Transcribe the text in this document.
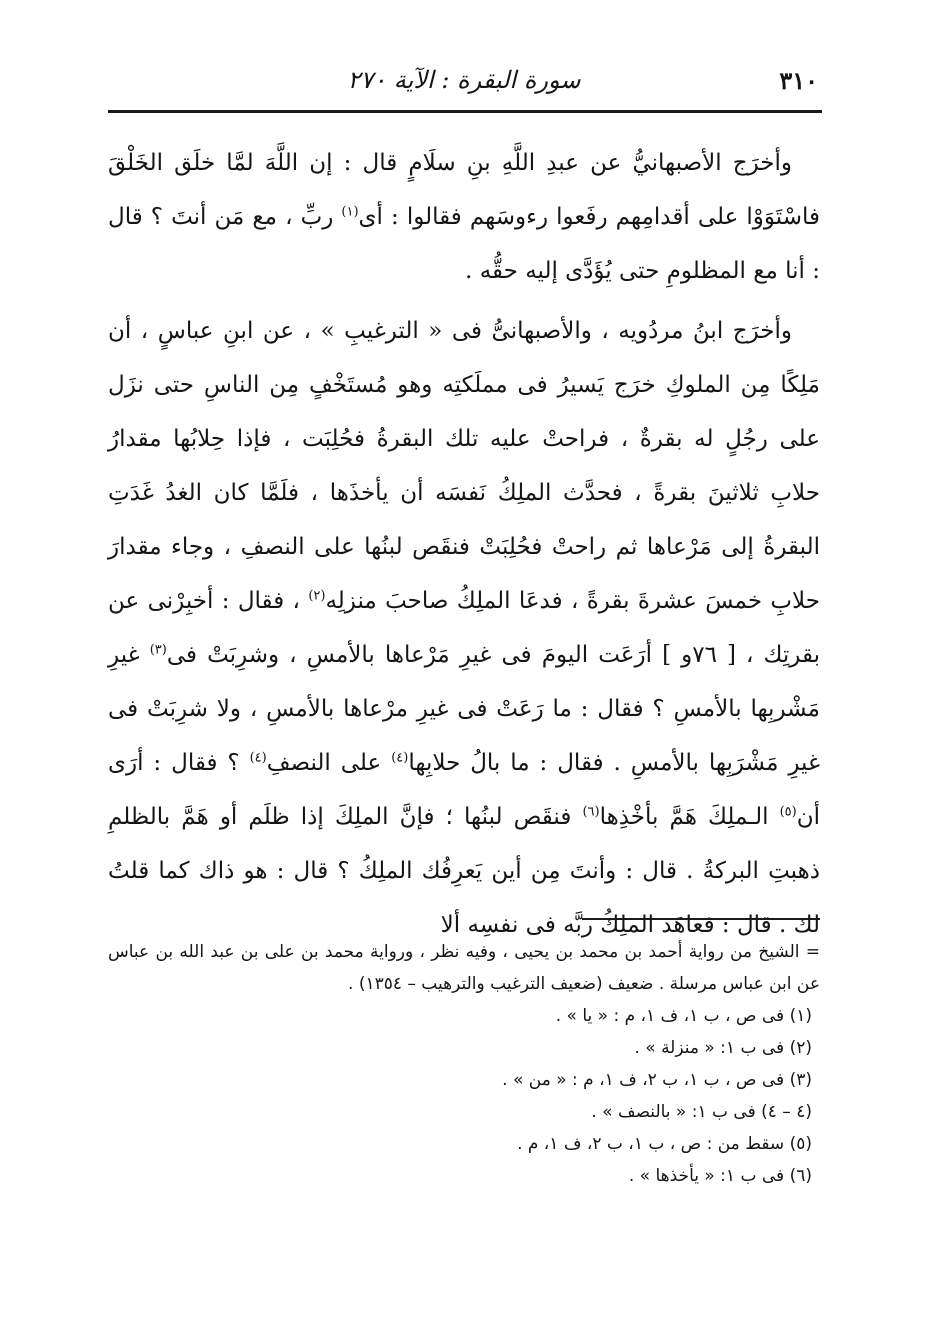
٣١٠
سورة البقرة : الآية ٢٧٠

وأخرَج الأصبهانيُّ عن عبدِ اللَّهِ بنِ سلَامٍ قال : إن اللَّهَ لمَّا خلَق الخَلْقَ فاسْتَوَوْا على أقدامِهم رفَعوا رءوسَهم فقالوا : أى$^{(١)}$ ربِّ ، مع مَن أنتَ ؟ قال : أنا مع المظلومِ حتى يُؤَدَّى إليه حقُّه .

وأخرَج ابنُ مردُويه ، والأصبهانىُّ فى « الترغيبِ » ، عن ابنِ عباسٍ ، أن مَلِكًا مِن الملوكِ خرَج يَسيرُ فى مملَكتِه وهو مُستَخْفٍ مِن الناسِ حتى نزَل على رجُلٍ له بقرةٌ ، فراحتْ عليه تلك البقرةُ فحُلِبَت ، فإذا حِلابُها مقدارُ حلابِ ثلاثينَ بقرةً ، فحدَّث الملِكُ نَفسَه أن يأخذَها ، فلَمَّا كان الغدُ غَدَتِ البقرةُ إلى مَرْعاها ثم راحتْ فحُلِبَتْ فنقَص لبنُها على النصفِ ، وجاء مقدارَ حلابِ خمسَ عشرةَ بقرةً ، فدعَا الملِكُ صاحبَ منزلِه$^{(٢)}$ ، فقال : أخبِرْنى عن بقرتِك ، [ ٧٦و ] أرَعَت اليومَ فى غيرِ مَرْعاها بالأمسِ ، وشرِبَتْ فى$^{(٣)}$ غيرِ مَشْربِها بالأمسِ ؟ فقال : ما رَعَتْ فى غيرِ مرْعاها بالأمسِ ، ولا شرِبَتْ فى غيرِ مَشْرَبِها بالأمسِ . فقال : ما بالُ حلابِها$^{(٤)}$ على النصفِ$^{(٤)}$ ؟ فقال : أرَى أن$^{(٥)}$ الـملِكَ هَمَّ بأخْذِها$^{(٦)}$ فنقَص لبنُها ؛ فإنَّ الملِكَ إذا ظلَم أو هَمَّ بالظلمِ ذهبتِ البركةُ . قال : وأنتَ مِن أين يَعرِفُك الملِكُ ؟ قال : هو ذاك كما قلتُ لك . قال : فعاهَد الملِكُ ربَّه فى نفسِه ألا

= الشيخ من رواية أحمد بن محمد بن يحيى ، وفيه نظر ، ورواية محمد بن على بن عبد الله بن عباس عن ابن عباس مرسلة . ضعيف (ضعيف الترغيب والترهيب – ١٣٥٤) .

(١) فى ص ، ب ١، ف ١، م : « يا » .
(٢) فى ب ١: « منزلة » .
(٣) فى ص ، ب ١، ب ٢، ف ١، م : « من » .
(٤ – ٤) فى ب ١: « بالنصف » .
(٥) سقط من : ص ، ب ١، ب ٢، ف ١، م .
(٦) فى ب ١: « يأخذها » .
